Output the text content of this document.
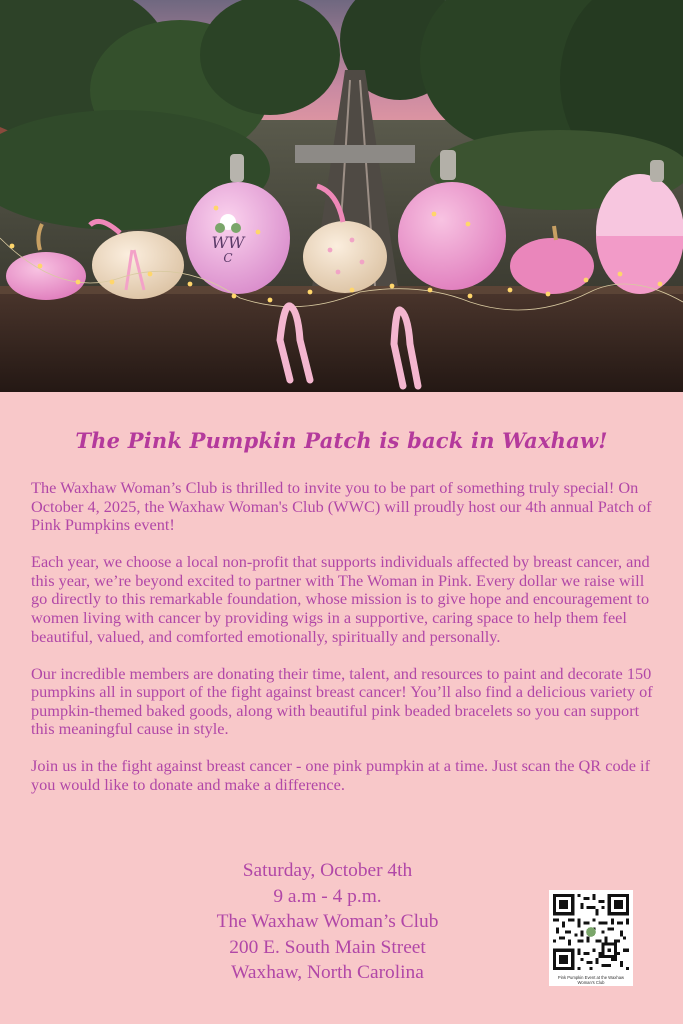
WW
C
The Pink Pumpkin Patch is back in Waxhaw!

The Waxhaw Woman’s Club is thrilled to invite you to be part of something truly special! On October 4, 2025, the Waxhaw Woman's Club (WWC) will proudly host our 4th annual Patch of Pink Pumpkins event!

Each year, we choose a local non-profit that supports individuals affected by breast cancer, and this year, we’re beyond excited to partner with The Woman in Pink. Every dollar we raise will go directly to this remarkable foundation, whose mission is to give hope and encouragement to women living with cancer by providing wigs in a supportive, caring space to help them feel beautiful, valued, and comforted emotionally, spiritually and personally.

Our incredible members are donating their time, talent, and resources to paint and decorate 150 pumpkins all in support of the fight against breast cancer! You’ll also find a delicious variety of pumpkin-themed baked goods, along with beautiful pink beaded bracelets so you can support this meaningful cause in style.

Join us in the fight against breast cancer - one pink pumpkin at a time. Just scan the QR code if you would like to donate and make a difference.

Saturday, October 4th
9 a.m - 4 p.m.
The Waxhaw Woman’s Club
200 E. South Main Street
Waxhaw, North Carolina	Pink Pumpkin Event at the Waxhaw Woman's Club
